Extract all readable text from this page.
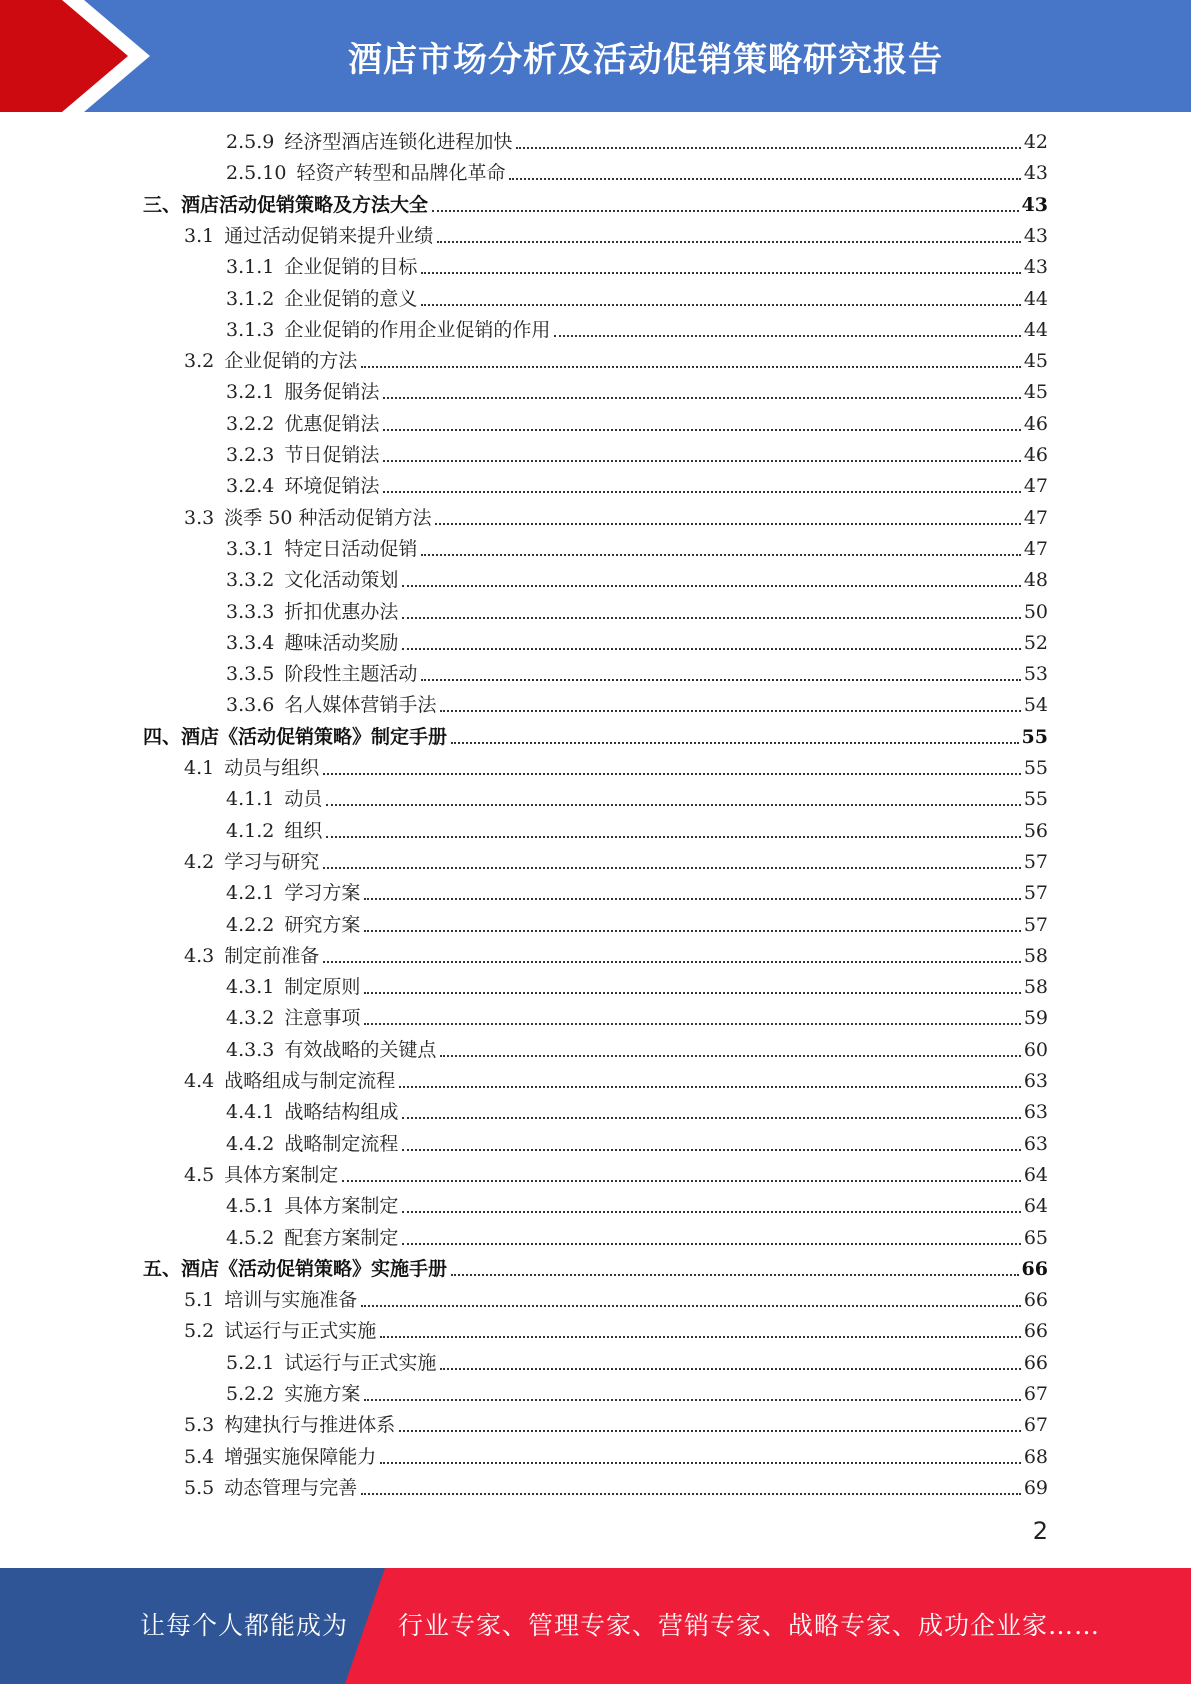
酒店市场分析及活动促销策略研究报告
2.5.9 经济型酒店连锁化进程加快	42
2.5.10 轻资产转型和品牌化革命	43
三、 酒店活动促销策略及方法大全	43
3.1 通过活动促销来提升业绩	43
3.1.1 企业促销的目标	43
3.1.2 企业促销的意义	44
3.1.3 企业促销的作用企业促销的作用	44
3.2 企业促销的方法	45
3.2.1 服务促销法	45
3.2.2 优惠促销法	46
3.2.3 节日促销法	46
3.2.4 环境促销法	47
3.3 淡季 50 种活动促销方法	47
3.3.1 特定日活动促销	47
3.3.2 文化活动策划	48
3.3.3 折扣优惠办法	50
3.3.4 趣味活动奖励	52
3.3.5 阶段性主题活动	53
3.3.6 名人媒体营销手法	54
四、 酒店《活动促销策略》制定手册	55
4.1 动员与组织	55
4.1.1 动员	55
4.1.2 组织	56
4.2 学习与研究	57
4.2.1 学习方案	57
4.2.2 研究方案	57
4.3 制定前准备	58
4.3.1 制定原则	58
4.3.2 注意事项	59
4.3.3 有效战略的关键点	60
4.4 战略组成与制定流程	63
4.4.1 战略结构组成	63
4.4.2 战略制定流程	63
4.5 具体方案制定	64
4.5.1 具体方案制定	64
4.5.2 配套方案制定	65
五、 酒店《活动促销策略》实施手册	66
5.1 培训与实施准备	66
5.2 试运行与正式实施	66
5.2.1 试运行与正式实施	66
5.2.2 实施方案	67
5.3 构建执行与推进体系	67
5.4 增强实施保障能力	68
5.5 动态管理与完善	69
2
让每个人都能成为 行业专家、管理专家、营销专家、战略专家、成功企业家……
